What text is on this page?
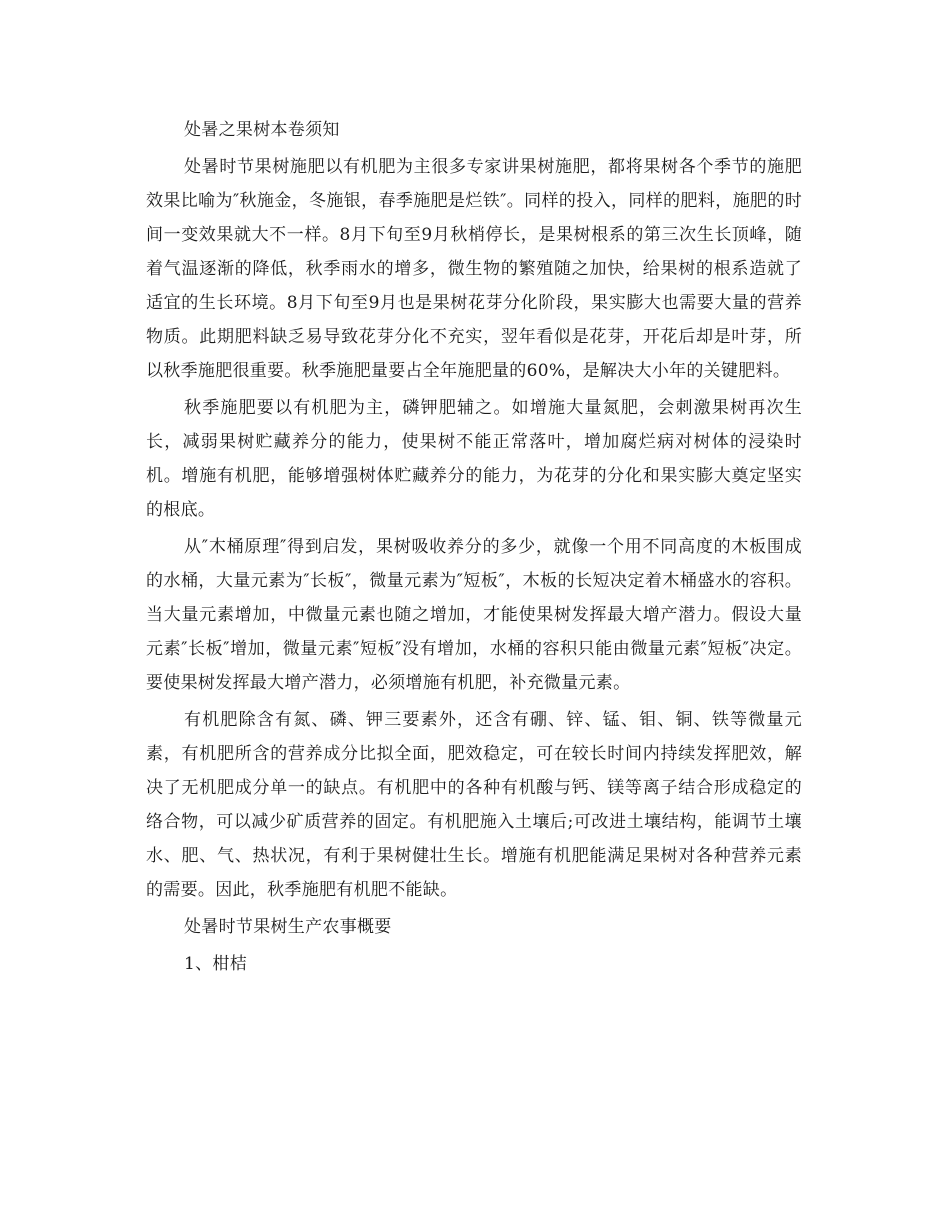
处暑之果树本卷须知

处暑时节果树施肥以有机肥为主很多专家讲果树施肥，都将果树各个季节的施肥效果比喻为″秋施金，冬施银，春季施肥是烂铁″。同样的投入，同样的肥料，施肥的时间一变效果就大不一样。8月下旬至9月秋梢停长，是果树根系的第三次生长顶峰，随着气温逐渐的降低，秋季雨水的增多，微生物的繁殖随之加快，给果树的根系造就了适宜的生长环境。8月下旬至9月也是果树花芽分化阶段，果实膨大也需要大量的营养物质。此期肥料缺乏易导致花芽分化不充实，翌年看似是花芽，开花后却是叶芽，所以秋季施肥很重要。秋季施肥量要占全年施肥量的60%，是解决大小年的关键肥料。

秋季施肥要以有机肥为主，磷钾肥辅之。如增施大量氮肥，会刺激果树再次生长，减弱果树贮藏养分的能力，使果树不能正常落叶，增加腐烂病对树体的浸染时机。增施有机肥，能够增强树体贮藏养分的能力，为花芽的分化和果实膨大奠定坚实的根底。

从″木桶原理″得到启发，果树吸收养分的多少，就像一个用不同高度的木板围成的水桶，大量元素为″长板″，微量元素为″短板″，木板的长短决定着木桶盛水的容积。当大量元素增加，中微量元素也随之增加，才能使果树发挥最大增产潜力。假设大量元素″长板″增加，微量元素″短板″没有增加，水桶的容积只能由微量元素″短板″决定。要使果树发挥最大增产潜力，必须增施有机肥，补充微量元素。

有机肥除含有氮、磷、钾三要素外，还含有硼、锌、锰、钼、铜、铁等微量元素，有机肥所含的营养成分比拟全面，肥效稳定，可在较长时间内持续发挥肥效，解决了无机肥成分单一的缺点。有机肥中的各种有机酸与钙、镁等离子结合形成稳定的络合物，可以减少矿质营养的固定。有机肥施入土壤后;可改进土壤结构，能调节土壤水、肥、气、热状况，有利于果树健壮生长。增施有机肥能满足果树对各种营养元素的需要。因此，秋季施肥有机肥不能缺。

处暑时节果树生产农事概要

1、柑桔
